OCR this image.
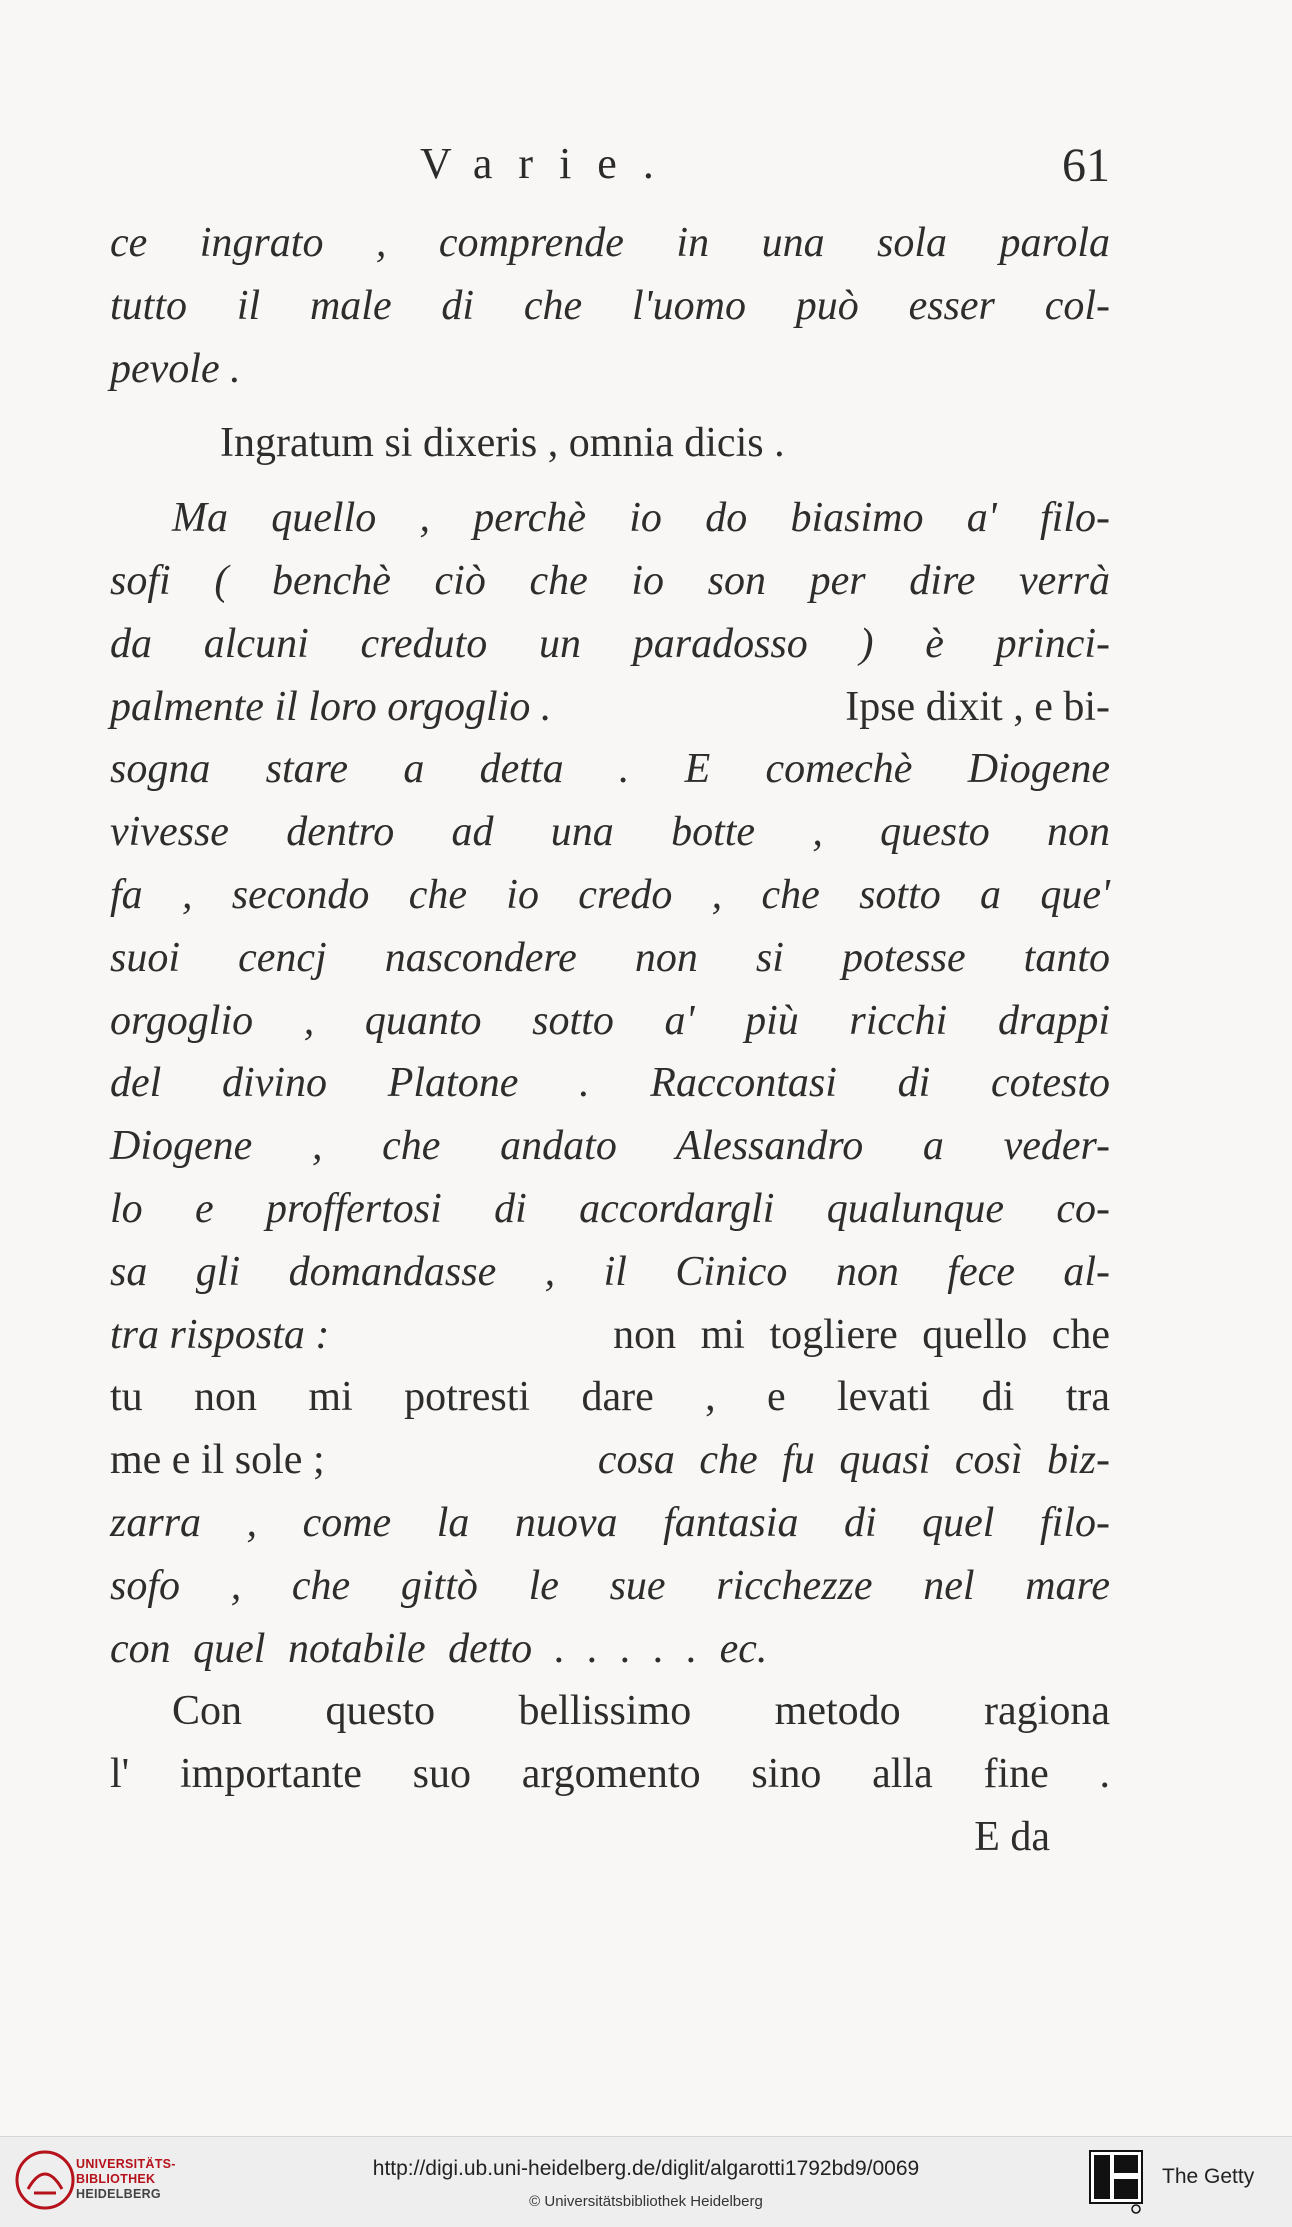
Varie.	61
ce ingrato , comprende in una sola parola
tutto il male di che l'uomo può esser col-
pevole .
Ingratum si dixeris , omnia dicis .
Ma quello , perchè io do biasimo a' filo-
sofi ( benchè ciò che io son per dire verrà
da alcuni creduto un paradosso ) è princi-
palmente il loro orgoglio .	Ipse dixit , e bi-
sogna stare a detta . E comechè Diogene
vivesse dentro ad una botte , questo non
fa , secondo che io credo , che sotto a que'
suoi cencj nascondere non si potesse tanto
orgoglio , quanto sotto a' più ricchi drappi
del divino Platone . Raccontasi di cotesto
Diogene , che andato Alessandro a veder-
lo e proffertosi di accordargli qualunque co-
sa gli domandasse , il Cinico non fece al-
tra risposta :	non mi togliere quello che
tu non mi potresti dare , e levati di tra
me e il sole ;	cosa che fu quasi così biz-
zarra , come la nuova fantasia di quel filo-
sofo , che gittò le sue ricchezze nel mare
con quel notabile detto . . . . . ec.
Con questo bellissimo metodo ragiona
l' importante suo argomento sino alla fine .
E da
UNIVERSITÄTS-
BIBLIOTHEK
HEIDELBERG
http://digi.ub.uni-heidelberg.de/diglit/algarotti1792bd9/0069
© Universitätsbibliothek Heidelberg
The Getty
